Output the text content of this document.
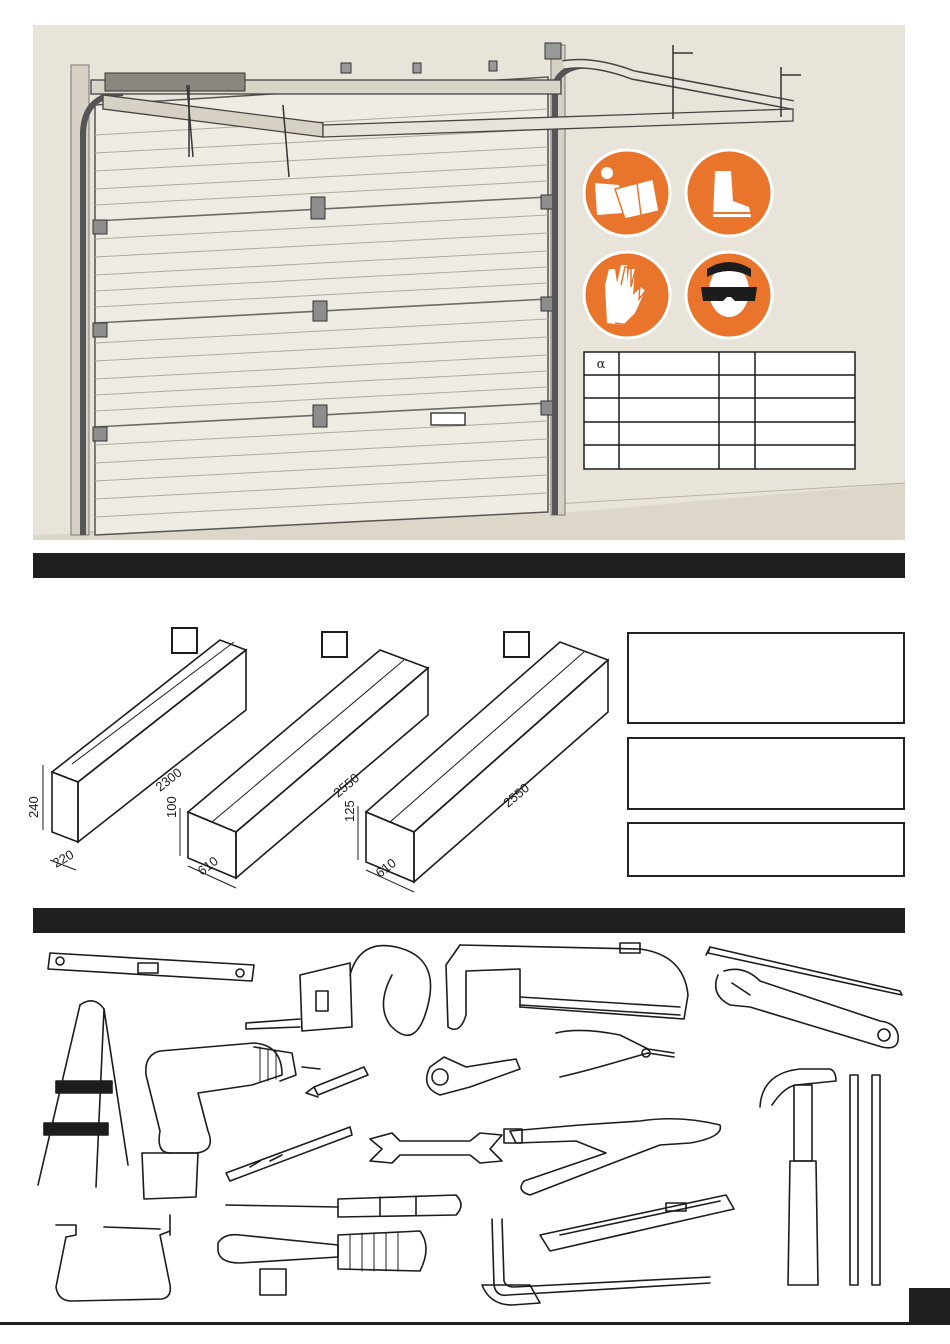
α
2300
240
220
2550
100
610
2550
125
610
